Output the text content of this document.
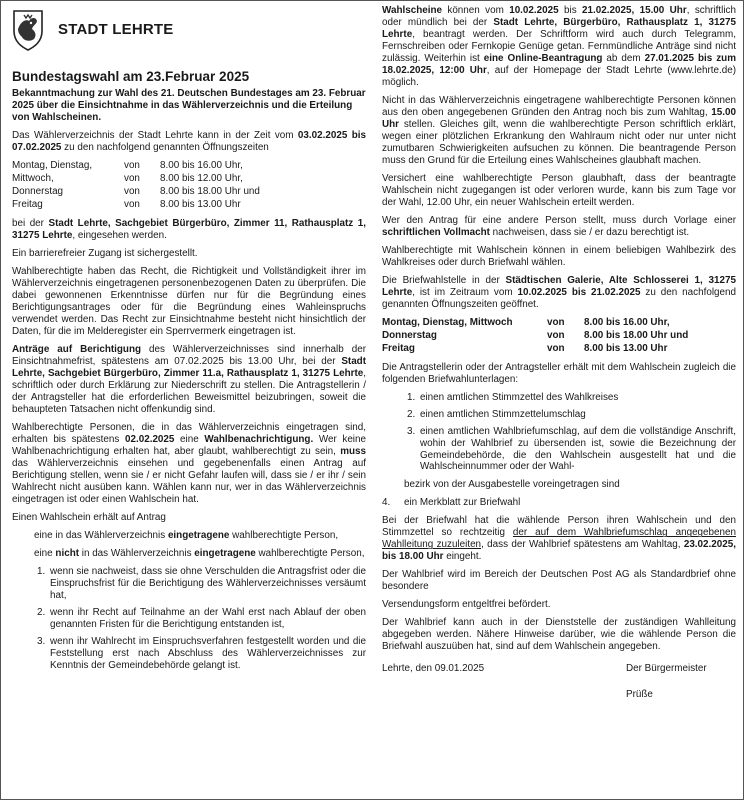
STADT LEHRTE
Bundestagswahl am 23.Februar 2025
Bekanntmachung zur Wahl des 21. Deutschen Bundestages am 23. Februar 2025 über die Einsichtnahme in das Wählerverzeichnis und die Erteilung von Wahlscheinen.

Das Wählerverzeichnis der Stadt Lehrte kann in der Zeit vom 03.02.2025 bis 07.02.2025 zu den nachfolgend genannten Öffnungszeiten

Montag, Dienstag,	von	8.00 bis 16.00 Uhr,
Mittwoch,	von	8.00 bis 12.00 Uhr,
Donnerstag	von	8.00 bis 18.00 Uhr und
Freitag	von	8.00 bis 13.00 Uhr

bei der Stadt Lehrte, Sachgebiet Bürgerbüro, Zimmer 11, Rathausplatz 1, 31275 Lehrte, eingesehen werden.

Ein barrierefreier Zugang ist sichergestellt.

Wahlberechtigte haben das Recht, die Richtigkeit und Vollständigkeit ihrer im Wählerverzeichnis eingetragenen personenbezogenen Daten zu überprüfen. Die dabei gewonnenen Erkenntnisse dürfen nur für die Begründung eines Berichtigungsantrages oder für die Begründung eines Wahleinspruchs verwendet werden. Das Recht zur Einsichtnahme besteht nicht hinsichtlich der Daten, für die im Melderegister ein Sperrvermerk eingetragen ist.

Anträge auf Berichtigung des Wählerverzeichnisses sind innerhalb der Einsichtnahmefrist, spätestens am 07.02.2025 bis 13.00 Uhr, bei der Stadt Lehrte, Sachgebiet Bürgerbüro, Zimmer 11.a, Rathausplatz 1, 31275 Lehrte, schriftlich oder durch Erklärung zur Niederschrift zu stellen. Die Antragstellerin / der Antragsteller hat die erforderlichen Beweismittel beizubringen, soweit die behaupteten Tatsachen nicht offenkundig sind.

Wahlberechtigte Personen, die in das Wählerverzeichnis eingetragen sind, erhalten bis spätestens 02.02.2025 eine Wahlbenachrichtigung. Wer keine Wahlbenachrichtigung erhalten hat, aber glaubt, wahlberechtigt zu sein, muss das Wählerverzeichnis einsehen und gegebenenfalls einen Antrag auf Berichtigung stellen, wenn sie / er nicht Gefahr laufen will, dass sie / er ihr / sein Wahlrecht nicht ausüben kann. Wählen kann nur, wer in das Wählerverzeichnis eingetragen ist oder einen Wahlschein hat.

Einen Wahlschein erhält auf Antrag

eine in das Wählerverzeichnis eingetragene wahlberechtigte Person,

eine nicht in das Wählerverzeichnis eingetragene wahlberechtigte Person,

1. wenn sie nachweist, dass sie ohne Verschulden die Antragsfrist oder die Einspruchsfrist für die Berichtigung des Wählerverzeichnisses versäumt hat,
2. wenn ihr Recht auf Teilnahme an der Wahl erst nach Ablauf der oben genannten Fristen für die Berichtigung entstanden ist,
3. wenn ihr Wahlrecht im Einspruchsverfahren festgestellt worden und die Feststellung erst nach Abschluss des Wählerverzeichnisses zur Kenntnis der Gemeindebehörde gelangt ist.

Wahlscheine können vom 10.02.2025 bis 21.02.2025, 15.00 Uhr, schriftlich oder mündlich bei der Stadt Lehrte, Bürgerbüro, Rathausplatz 1, 31275 Lehrte, beantragt werden. Der Schriftform wird auch durch Telegramm, Fernschreiben oder Fernkopie Genüge getan. Fernmündliche Anträge sind nicht zulässig. Weiterhin ist eine Online-Beantragung ab dem 27.01.2025 bis zum 18.02.2025, 12:00 Uhr, auf der Homepage der Stadt Lehrte (www.lehrte.de) möglich.

Nicht in das Wählerverzeichnis eingetragene wahlberechtigte Personen können aus den oben angegebenen Gründen den Antrag noch bis zum Wahltag, 15.00 Uhr stellen. Gleiches gilt, wenn die wahlberechtigte Person schriftlich erklärt, wegen einer plötzlichen Erkrankung den Wahlraum nicht oder nur unter nicht zumutbaren Schwierigkeiten aufsuchen zu können. Die beantragende Person muss den Grund für die Erteilung eines Wahlscheines glaubhaft machen.

Versichert eine wahlberechtigte Person glaubhaft, dass der beantragte Wahlschein nicht zugegangen ist oder verloren wurde, kann bis zum Tage vor der Wahl, 12.00 Uhr, ein neuer Wahlschein erteilt werden.

Wer den Antrag für eine andere Person stellt, muss durch Vorlage einer schriftlichen Vollmacht nachweisen, dass sie / er dazu berechtigt ist.

Wahlberechtigte mit Wahlschein können in einem beliebigen Wahlbezirk des Wahlkreises oder durch Briefwahl wählen.

Die Briefwahlstelle in der Städtischen Galerie, Alte Schlosserei 1, 31275 Lehrte, ist im Zeitraum vom 10.02.2025 bis 21.02.2025 zu den nachfolgend genannten Öffnungszeiten geöffnet.

Montag, Dienstag, Mittwoch	von	8.00 bis 16.00 Uhr,
Donnerstag	von	8.00 bis 18.00 Uhr und
Freitag	von	8.00 bis 13.00 Uhr

Die Antragstellerin oder der Antragsteller erhält mit dem Wahlschein zugleich die folgenden Briefwahlunterlagen:

1. einen amtlichen Stimmzettel des Wahlkreises
2. einen amtlichen Stimmzettelumschlag
3. einen amtlichen Wahlbriefumschlag, auf dem die vollständige Anschrift, wohin der Wahlbrief zu übersenden ist, sowie die Bezeichnung der Gemeindebehörde, die den Wahlschein ausgestellt hat und die Wahlscheinnummer oder der Wahl-

bezirk von der Ausgabestelle voreingetragen sind

4.	ein Merkblatt zur Briefwahl

Bei der Briefwahl hat die wählende Person ihren Wahlschein und den Stimmzettel so rechtzeitig der auf dem Wahlbriefumschlag angegebenen Wahlleitung zuzuleiten, dass der Wahlbrief spätestens am Wahltag, 23.02.2025, bis 18.00 Uhr eingeht.

Der Wahlbrief wird im Bereich der Deutschen Post AG als Standardbrief ohne besondere

Versendungsform entgeltfrei befördert.

Der Wahlbrief kann auch in der Dienststelle der zuständigen Wahlleitung abgegeben werden. Nähere Hinweise darüber, wie die wählende Person die Briefwahl auszuüben hat, sind auf dem Wahlschein angegeben.

Lehrte, den 09.01.2025	Der Bürgermeister
Prüße
